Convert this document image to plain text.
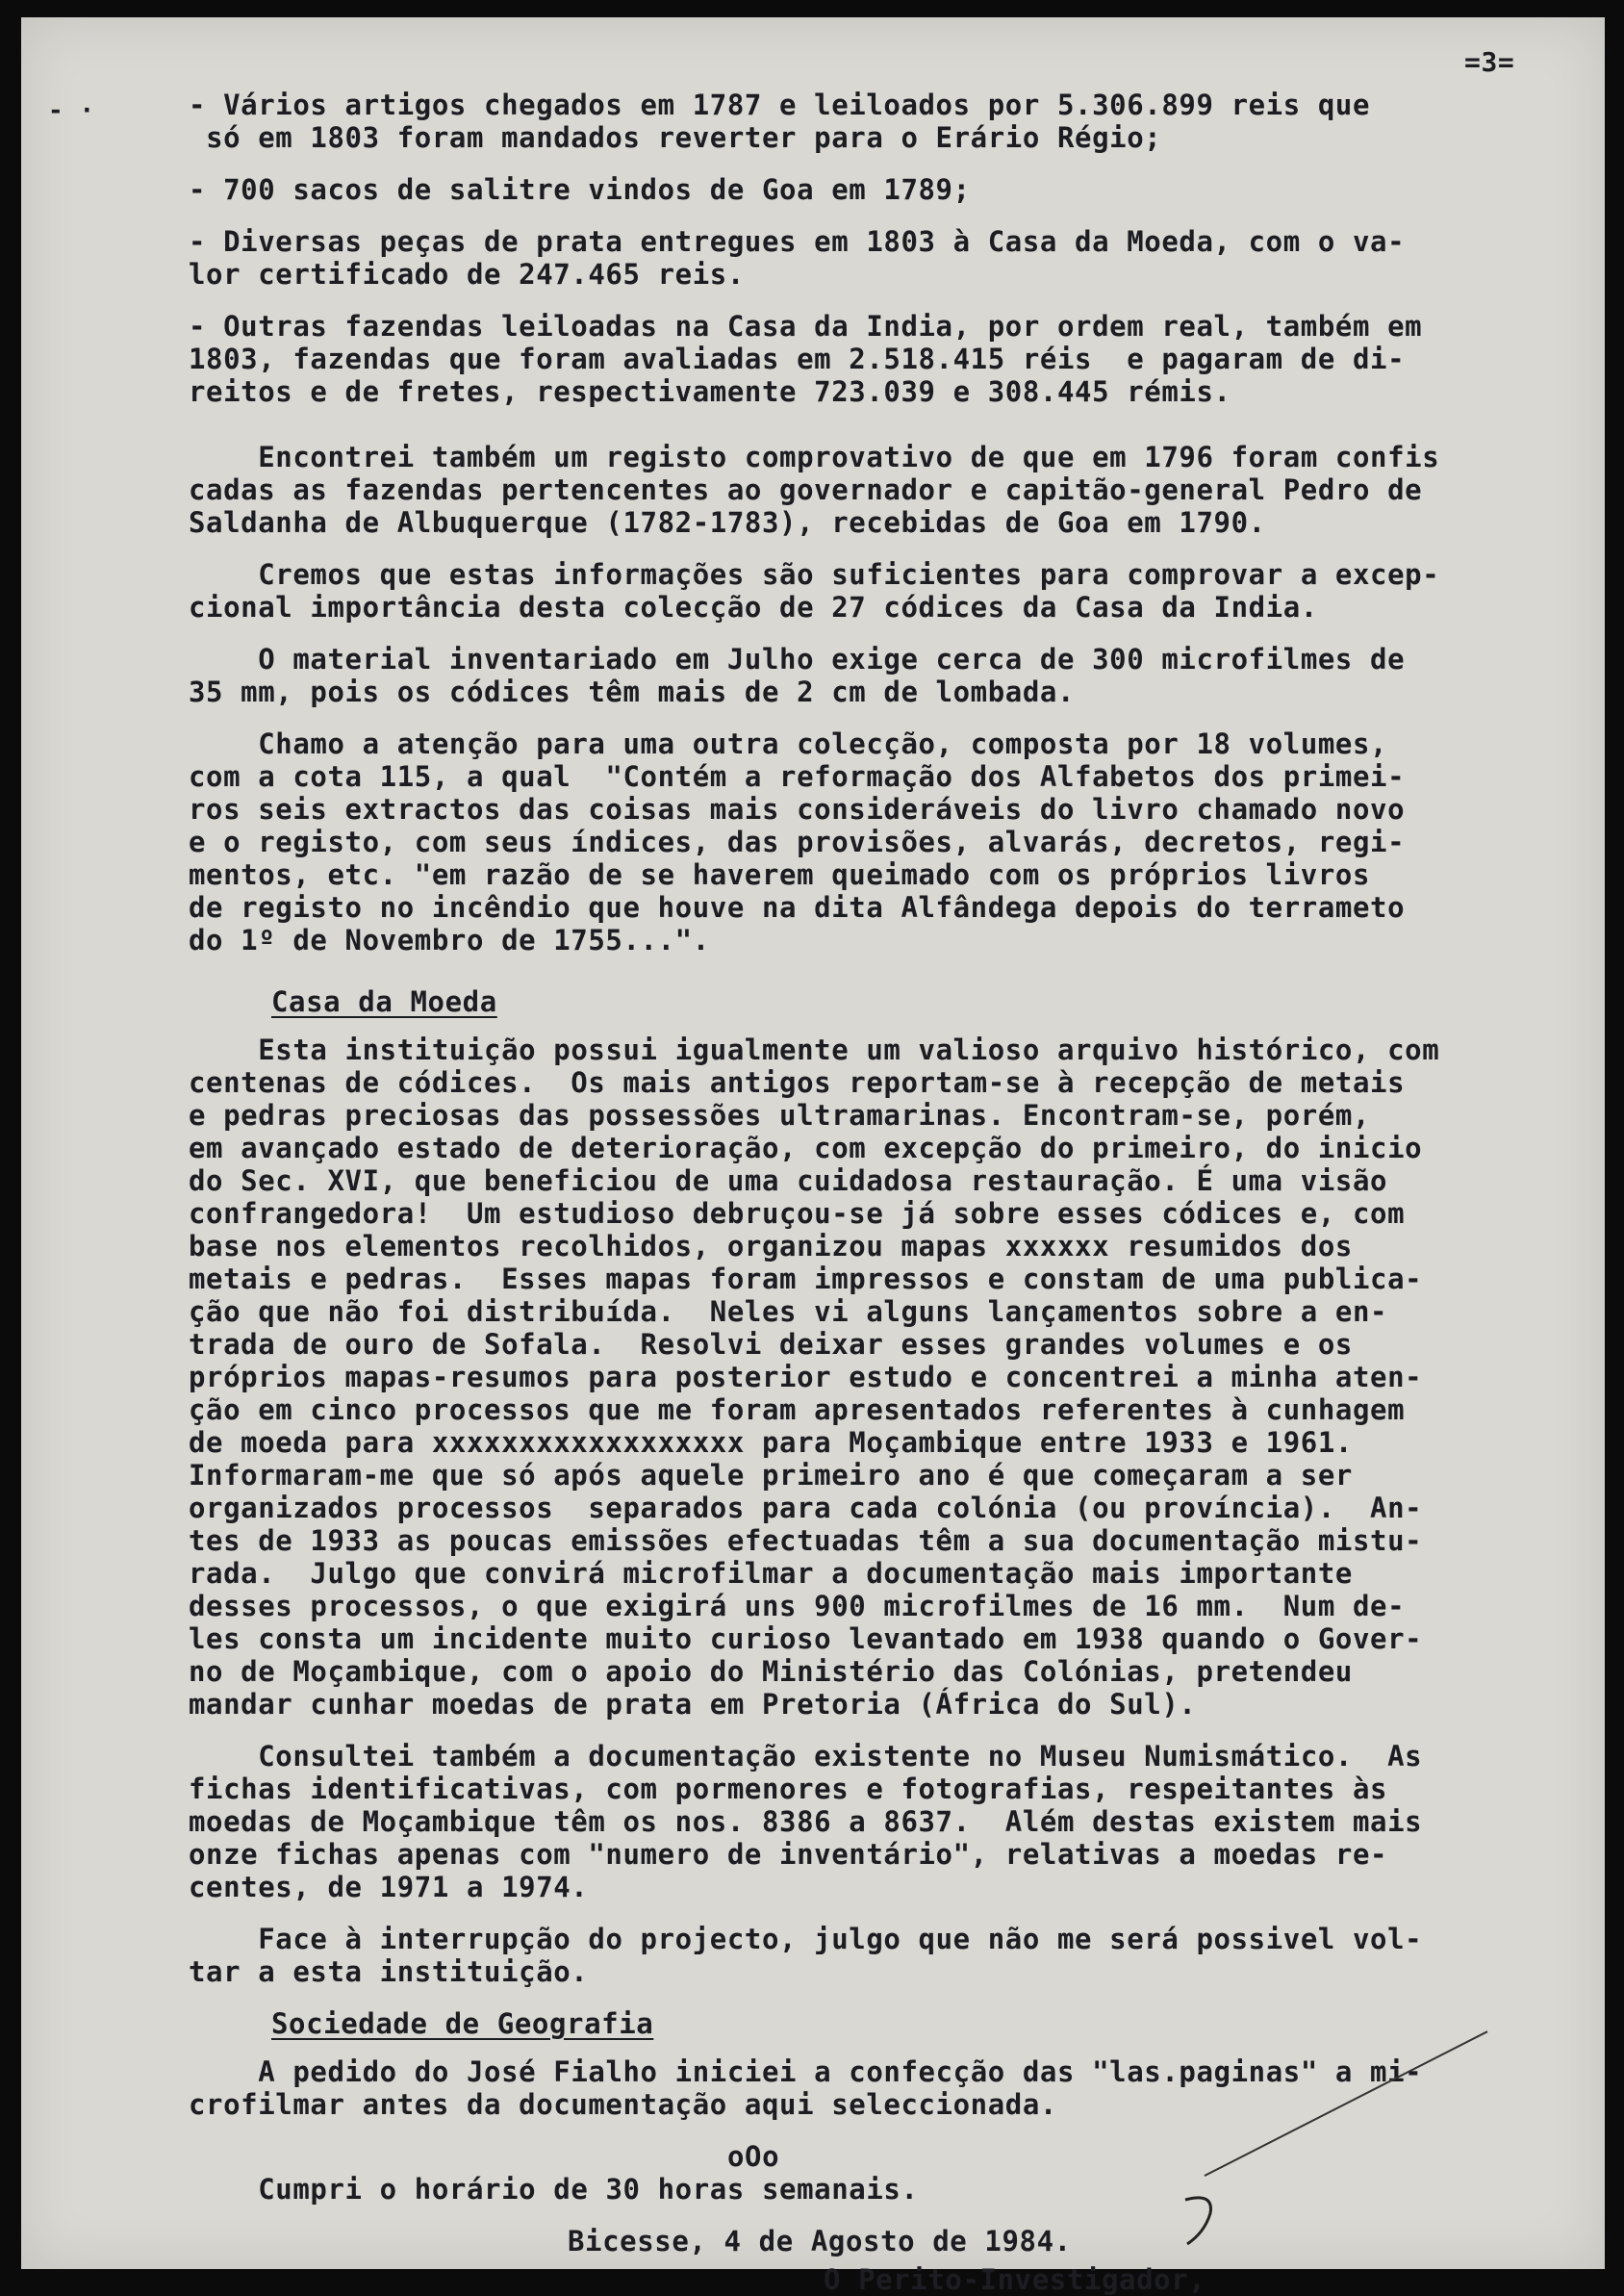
=3=
- ·	- Vários artigos chegados em 1787 e leiloados por 5.306.899 reis que
só em 1803 foram mandados reverter para o Erário Régio;

- 700 sacos de salitre vindos de Goa em 1789;

- Diversas peças de prata entregues em 1803 à Casa da Moeda, com o va-
lor certificado de 247.465 reis.

- Outras fazendas leiloadas na Casa da India, por ordem real, também em
1803, fazendas que foram avaliadas em 2.518.415 réis  e pagaram de di-
reitos e de fretes, respectivamente 723.039 e 308.445 rémis.

Encontrei também um registo comprovativo de que em 1796 foram confis
cadas as fazendas pertencentes ao governador e capitão-general Pedro de
Saldanha de Albuquerque (1782-1783), recebidas de Goa em 1790.

Cremos que estas informações são suficientes para comprovar a excep-
cional importância desta colecção de 27 códices da Casa da India.

O material inventariado em Julho exige cerca de 300 microfilmes de
35 mm, pois os códices têm mais de 2 cm de lombada.

Chamo a atenção para uma outra colecção, composta por 18 volumes,
com a cota 115, a qual  "Contém a reformação dos Alfabetos dos primei-
ros seis extractos das coisas mais consideráveis do livro chamado novo
e o registo, com seus índices, das provisões, alvarás, decretos, regi-
mentos, etc. "em razão de se haverem queimado com os próprios livros
de registo no incêndio que houve na dita Alfândega depois do terrameto
do 1º de Novembro de 1755...".

Casa da Moeda

Esta instituição possui igualmente um valioso arquivo histórico, com
centenas de códices.  Os mais antigos reportam-se à recepção de metais
e pedras preciosas das possessões ultramarinas. Encontram-se, porém,
em avançado estado de deterioração, com excepção do primeiro, do inicio
do Sec. XVI, que beneficiou de uma cuidadosa restauração. É uma visão
confrangedora!  Um estudioso debruçou-se já sobre esses códices e, com
base nos elementos recolhidos, organizou mapas xxxxxx resumidos dos
metais e pedras.  Esses mapas foram impressos e constam de uma publica-
ção que não foi distribuída.  Neles vi alguns lançamentos sobre a en-
trada de ouro de Sofala.  Resolvi deixar esses grandes volumes e os
próprios mapas-resumos para posterior estudo e concentrei a minha aten-
ção em cinco processos que me foram apresentados referentes à cunhagem
de moeda para xxxxxxxxxxxxxxxxxx para Moçambique entre 1933 e 1961.
Informaram-me que só após aquele primeiro ano é que começaram a ser
organizados processos  separados para cada colónia (ou província).  An-
tes de 1933 as poucas emissões efectuadas têm a sua documentação mistu-
rada.  Julgo que convirá microfilmar a documentação mais importante
desses processos, o que exigirá uns 900 microfilmes de 16 mm.  Num de-
les consta um incidente muito curioso levantado em 1938 quando o Gover-
no de Moçambique, com o apoio do Ministério das Colónias, pretendeu
mandar cunhar moedas de prata em Pretoria (África do Sul).

Consultei também a documentação existente no Museu Numismático.  As
fichas identificativas, com pormenores e fotografias, respeitantes às
moedas de Moçambique têm os nos. 8386 a 8637.  Além destas existem mais
onze fichas apenas com "numero de inventário", relativas a moedas re-
centes, de 1971 a 1974.

Face à interrupção do projecto, julgo que não me será possivel vol-
tar a esta instituição.

Sociedade de Geografia

A pedido do José Fialho iniciei a confecção das "las.paginas" a mi-
crofilmar antes da documentação aqui seleccionada.

oOo

Cumpri o horário de 30 horas semanais.

Bicesse, 4 de Agosto de 1984.

O Perito-Investigador,
